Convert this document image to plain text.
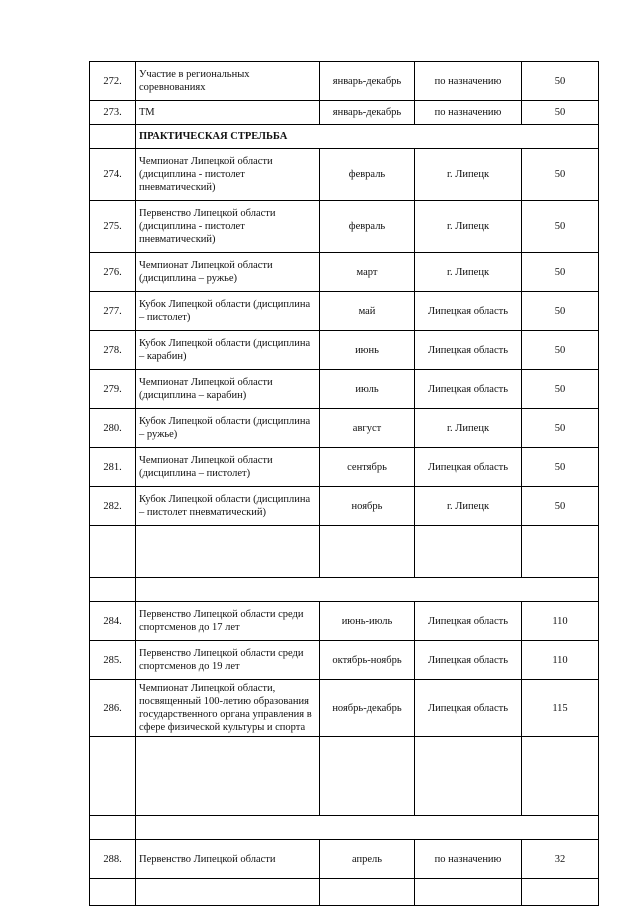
272.	Участие в региональных соревнованиях	январь-декабрь	по назначению	50
273.	ТМ	январь-декабрь	по назначению	50
	ПРАКТИЧЕСКАЯ СТРЕЛЬБА			
274.	Чемпионат Липецкой области (дисциплина - пистолет пневматический)	февраль	г. Липецк	50
275.	Первенство Липецкой области (дисциплина - пистолет пневматический)	февраль	г. Липецк	50
276.	Чемпионат Липецкой области (дисциплина – ружье)	март	г. Липецк	50
277.	Кубок Липецкой области (дисциплина – пистолет)	май	Липецкая область	50
278.	Кубок Липецкой области (дисциплина – карабин)	июнь	Липецкая область	50
279.	Чемпионат Липецкой области (дисциплина – карабин)	июль	Липецкая область	50
280.	Кубок Липецкой области (дисциплина – ружье)	август	г. Липецк	50
281.	Чемпионат Липецкой области (дисциплина – пистолет)	сентябрь	Липецкая область	50
282.	Кубок Липецкой области (дисциплина – пистолет пневматический)	ноябрь	г. Липецк	50

284.	Первенство Липецкой области среди спортсменов до 17 лет	июнь-июль	Липецкая область	110
285.	Первенство Липецкой области среди спортсменов до 19 лет	октябрь-ноябрь	Липецкая область	110
286.	Чемпионат Липецкой области, посвященный 100-летию образования государственного органа управления в сфере физической культуры и спорта	ноябрь-декабрь	Липецкая область	115

288.	Первенство Липецкой области	апрель	по назначению	32
